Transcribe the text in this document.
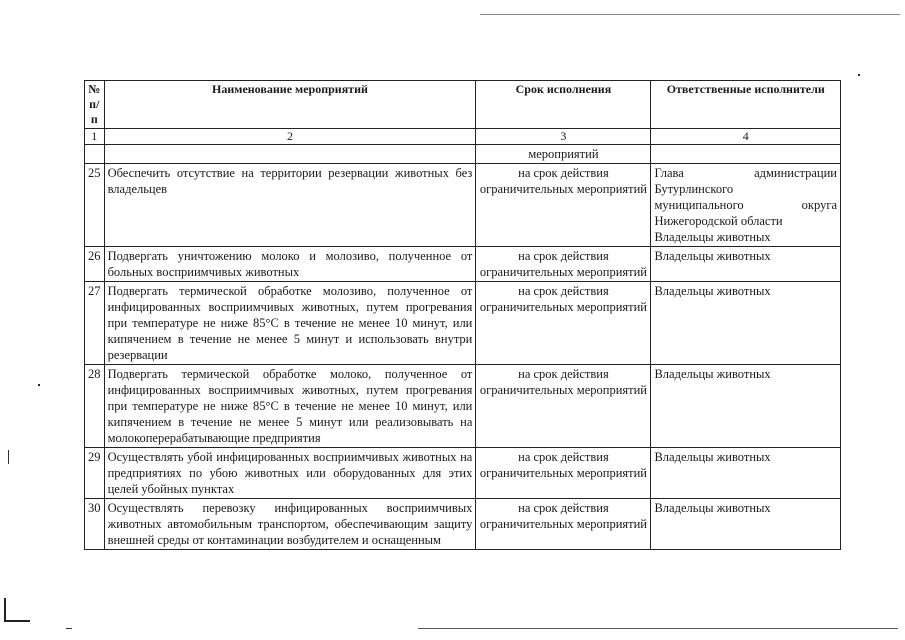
№ п/п	Наименование мероприятий	Срок исполнения	Ответственные исполнители
1	2	3	4
		мероприятий	
25	Обеспечить отсутствие на территории резервации животных без владельцев	на срок действия ограничительных мероприятий	Глава администрации
Бутурлинского
муниципального округа
Нижегородской области
Владельцы животных

26	Подвергать уничтожению молоко и молозиво, полученное от больных восприимчивых животных	на срок действия ограничительных мероприятий	Владельцы животных

27	Подвергать термической обработке молозиво, полученное от инфицированных восприимчивых животных, путем прогревания при температуре не ниже 85°С в течение не менее 10 минут, или кипячением в течение не менее 5 минут и использовать внутри резервации	на срок действия ограничительных мероприятий	Владельцы животных

28	Подвергать термической обработке молоко, полученное от инфицированных восприимчивых животных, путем прогревания при температуре не ниже 85°С в течение не менее 10 минут, или кипячением в течение не менее 5 минут или реализовывать на молокоперерабатывающие предприятия	на срок действия ограничительных мероприятий	Владельцы животных

29	Осуществлять убой инфицированных восприимчивых животных на предприятиях по убою животных или оборудованных для этих целей убойных пунктах	на срок действия ограничительных мероприятий	Владельцы животных

30	Осуществлять перевозку инфицированных восприимчивых животных автомобильным транспортом, обеспечивающим защиту внешней среды от контаминации возбудителем и оснащенным	на срок действия ограничительных мероприятий	Владельцы животных
